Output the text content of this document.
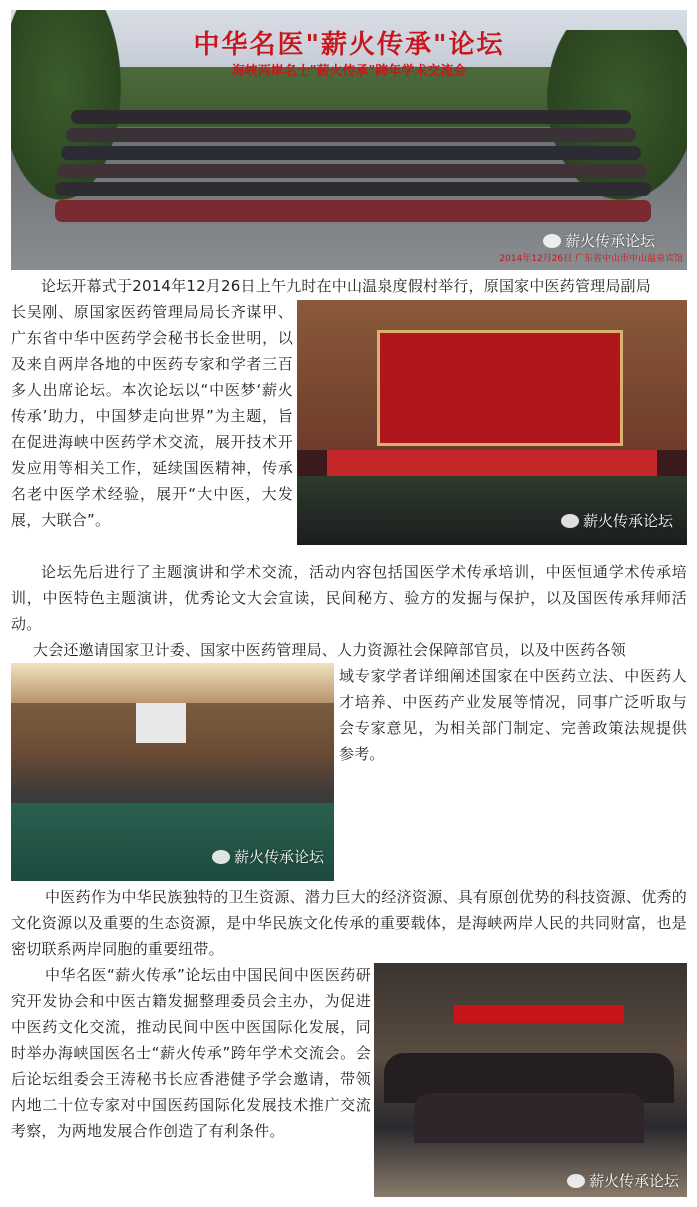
中华名医"薪火传承"论坛
海峡两岸名士"薪火传承"跨年学术交流会
薪火传承论坛
2014年12月26日 广东省中山市中山温泉宾馆

论坛开幕式于2014年12月26日上午九时在中山温泉度假村举行，原国家中医药管理局副局

长吴刚、原国家医药管理局局长齐谋甲、广东省中华中医药学会秘书长金世明，以及来自两岸各地的中医药专家和学者三百多人出席论坛。本次论坛以“中医梦‘薪火传承’助力，中国梦走向世界”为主题，旨在促进海峡中医药学术交流，展开技术开发应用等相关工作，延续国医精神，传承名老中医学术经验，展开“大中医，大发展，大联合”。	薪火传承论坛

论坛先后进行了主题演讲和学术交流，活动内容包括国医学术传承培训，中医恒通学术传承培训，中医特色主题演讲，优秀论文大会宣读，民间秘方、验方的发掘与保护，以及国医传承拜师活动。

大会还邀请国家卫计委、国家中医药管理局、人力资源社会保障部官员，以及中医药各领

域专家学者详细阐述国家在中医药立法、中医药人才培养、中医药产业发展等情况，同事广泛听取与会专家意见，为相关部门制定、完善政策法规提供参考。

薪火传承论坛

中医药作为中华民族独特的卫生资源、潜力巨大的经济资源、具有原创优势的科技资源、优秀的文化资源以及重要的生态资源，是中华民族文化传承的重要载体，是海峡两岸人民的共同财富，也是密切联系两岸同胞的重要纽带。

中华名医“薪火传承”论坛由中国民间中医医药研究开发协会和中医古籍发掘整理委员会主办，为促进中医药文化交流，推动民间中医中医国际化发展，同时举办海峡国医名士“薪火传承”跨年学术交流会。会后论坛组委会王涛秘书长应香港健予学会邀请，带领内地二十位专家对中国医药国际化发展技术推广交流考察，为两地发展合作创造了有利条件。

薪火传承论坛
